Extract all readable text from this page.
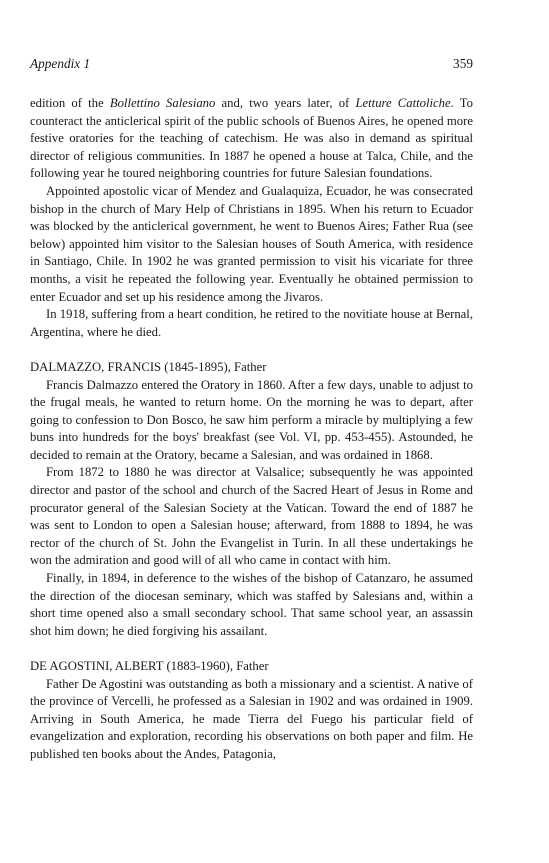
Appendix 1	359

edition of the Bollettino Salesiano and, two years later, of Letture Cattoliche. To counteract the anticlerical spirit of the public schools of Buenos Aires, he opened more festive oratories for the teaching of catechism. He was also in demand as spiritual director of religious communities. In 1887 he opened a house at Talca, Chile, and the following year he toured neighboring countries for future Salesian foundations.

Appointed apostolic vicar of Mendez and Gualaquiza, Ecuador, he was consecrated bishop in the church of Mary Help of Christians in 1895. When his return to Ecuador was blocked by the anticlerical government, he went to Buenos Aires; Father Rua (see below) appointed him visitor to the Salesian houses of South America, with residence in Santiago, Chile. In 1902 he was granted permission to visit his vicariate for three months, a visit he repeated the following year. Eventually he obtained permission to enter Ecuador and set up his residence among the Jivaros.

In 1918, suffering from a heart condition, he retired to the novitiate house at Bernal, Argentina, where he died.

DALMAZZO, FRANCIS (1845-1895), Father

Francis Dalmazzo entered the Oratory in 1860. After a few days, unable to adjust to the frugal meals, he wanted to return home. On the morning he was to depart, after going to confession to Don Bosco, he saw him perform a miracle by multiplying a few buns into hundreds for the boys' breakfast (see Vol. VI, pp. 453-455). Astounded, he decided to remain at the Oratory, became a Salesian, and was ordained in 1868.

From 1872 to 1880 he was director at Valsalice; subsequently he was appointed director and pastor of the school and church of the Sacred Heart of Jesus in Rome and procurator general of the Salesian Society at the Vatican. Toward the end of 1887 he was sent to London to open a Salesian house; afterward, from 1888 to 1894, he was rector of the church of St. John the Evangelist in Turin. In all these undertakings he won the admiration and good will of all who came in contact with him.

Finally, in 1894, in deference to the wishes of the bishop of Catanzaro, he assumed the direction of the diocesan seminary, which was staffed by Salesians and, within a short time opened also a small secondary school. That same school year, an assassin shot him down; he died forgiving his assailant.

DE AGOSTINI, ALBERT (1883-1960), Father

Father De Agostini was outstanding as both a missionary and a scientist. A native of the province of Vercelli, he professed as a Salesian in 1902 and was ordained in 1909. Arriving in South America, he made Tierra del Fuego his particular field of evangelization and exploration, recording his observations on both paper and film. He published ten books about the Andes, Patagonia,
